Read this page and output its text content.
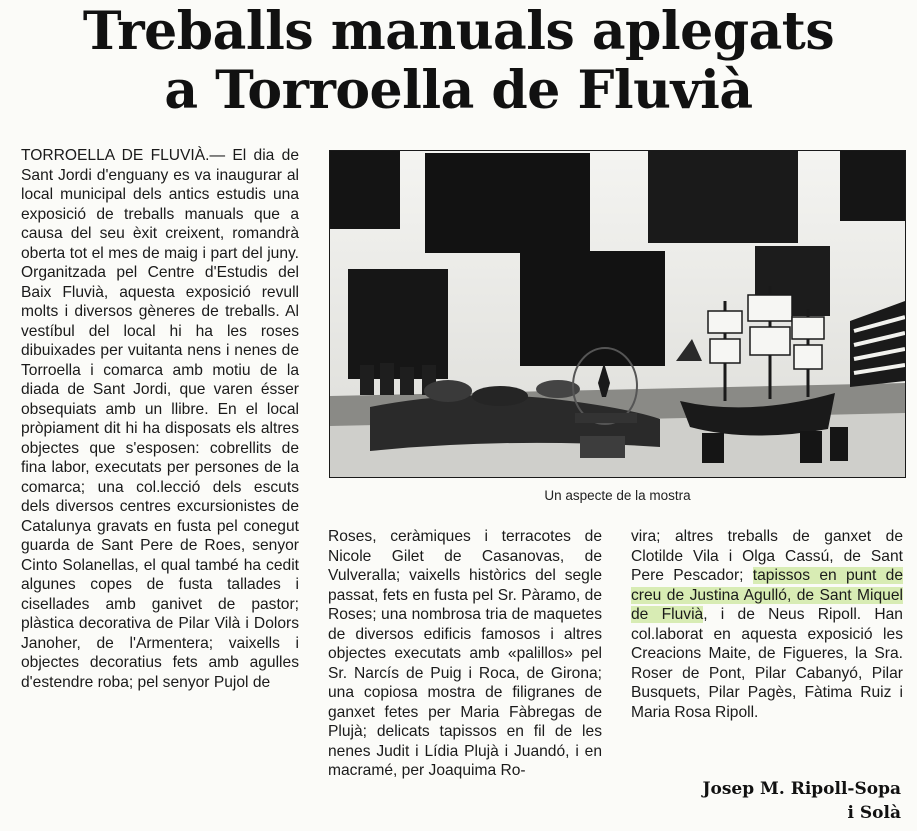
Treballs manuals aplegats
a Torroella de Fluvià

TORROELLA DE FLUVIÀ.— El dia de Sant Jordi d'enguany es va inaugurar al local municipal dels antics estudis una exposició de treballs manuals que a causa del seu èxit creixent, romandrà oberta tot el mes de maig i part del juny. Organitzada pel Centre d'Estudis del Baix Fluvià, aquesta exposició revull molts i diversos gèneres de treballs. Al vestíbul del local hi ha les roses dibuixades per vuitanta nens i nenes de Torroella i comarca amb motiu de la diada de Sant Jordi, que varen ésser obsequiats amb un llibre. En el local pròpiament dit hi ha disposats els altres objectes que s'esposen: cobrellits de fina labor, executats per persones de la comarca; una col.lecció dels escuts dels diversos centres excursionistes de Catalunya gravats en fusta pel conegut guarda de Sant Pere de Roes, senyor Cinto Solanellas, el qual també ha cedit algunes copes de fusta tallades i cisellades amb ganivet de pastor; plàstica decorativa de Pilar Vilà i Dolors Janoher, de l'Armentera; vaixells i objectes decoratius fets amb agulles d'estendre roba; pel senyor Pujol de

Un aspecte de la mostra

Roses, ceràmiques i terracotes de Nicole Gilet de Casanovas, de Vulveralla; vaixells històrics del segle passat, fets en fusta pel Sr. Pàramo, de Roses; una nombrosa tria de maquetes de diversos edificis famosos i altres objectes executats amb «palillos» pel Sr. Narcís de Puig i Roca, de Girona; una copiosa mostra de filigranes de ganxet fetes per Maria Fàbregas de Plujà; delicats tapissos en fil de les nenes Judit i Lídia Plujà i Juandó, i en macramé, per Joaquima Ro-

vira; altres treballs de ganxet de Clotilde Vila i Olga Cassú, de Sant Pere Pescador; tapissos en punt de creu de Justina Agulló, de Sant Miquel de Fluvià, i de Neus Ripoll. Han col.laborat en aquesta exposició les Creacions Maite, de Figueres, la Sra. Roser de Pont, Pilar Cabanyó, Pilar Busquets, Pilar Pagès, Fàtima Ruiz i Maria Rosa Ripoll.

Josep M. Ripoll-Sopa
i Solà
